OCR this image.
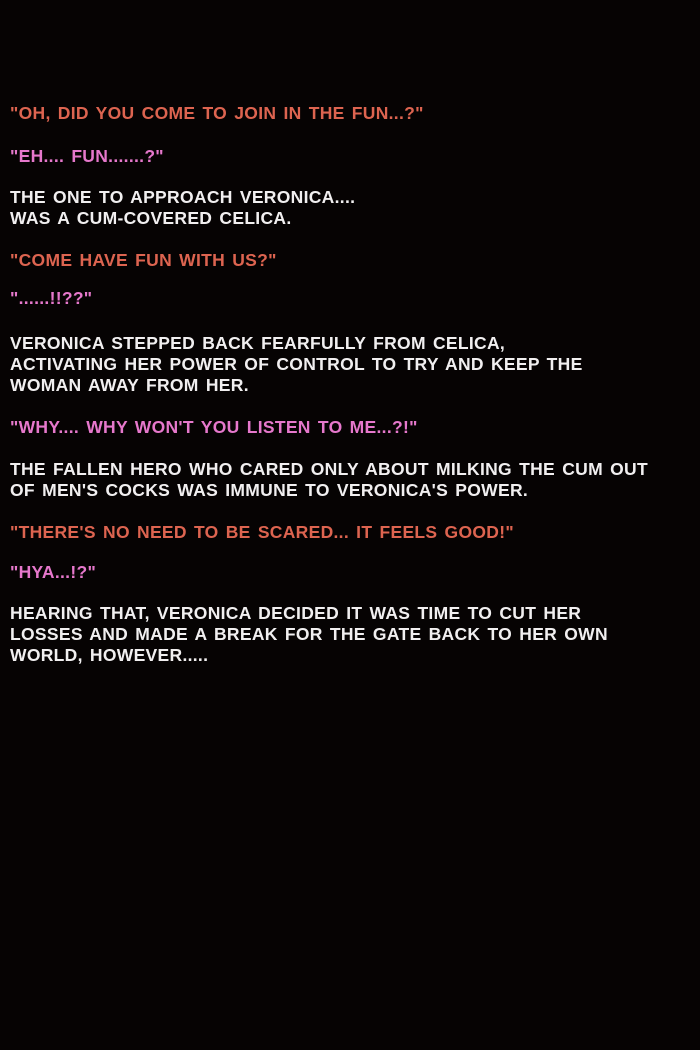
"OH, DID YOU COME TO JOIN IN THE FUN...?"

"EH.... FUN.......?"

THE ONE TO APPROACH VERONICA....
WAS A CUM-COVERED CELICA.

"COME HAVE FUN WITH US?"

"......!!??"

VERONICA STEPPED BACK FEARFULLY FROM CELICA,
ACTIVATING HER POWER OF CONTROL TO TRY AND KEEP THE
WOMAN AWAY FROM HER.

"WHY.... WHY WON'T YOU LISTEN TO ME...?!"

THE FALLEN HERO WHO CARED ONLY ABOUT MILKING THE CUM OUT
OF MEN'S COCKS WAS IMMUNE TO VERONICA'S POWER.

"THERE'S NO NEED TO BE SCARED... IT FEELS GOOD!"

"HYA...!?"

HEARING THAT, VERONICA DECIDED IT WAS TIME TO CUT HER
LOSSES AND MADE A BREAK FOR THE GATE BACK TO HER OWN
WORLD, HOWEVER.....
